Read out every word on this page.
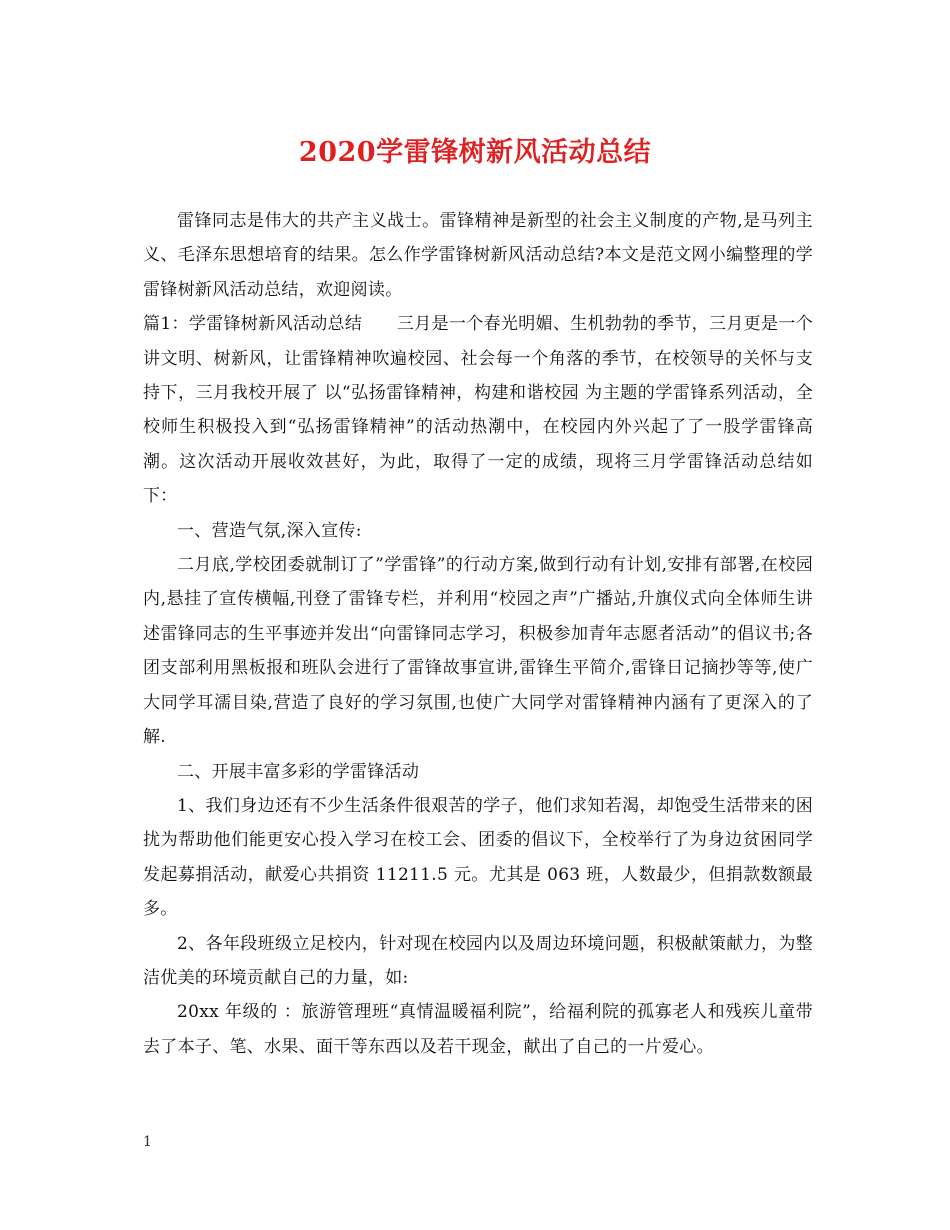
2020学雷锋树新风活动总结

雷锋同志是伟大的共产主义战士。雷锋精神是新型的社会主义制度的产物,是马列主义、毛泽东思想培育的结果。怎么作学雷锋树新风活动总结?本文是范文网小编整理的学雷锋树新风活动总结，欢迎阅读。

篇1：学雷锋树新风活动总结　　三月是一个春光明媚、生机勃勃的季节，三月更是一个讲文明、树新风，让雷锋精神吹遍校园、社会每一个角落的季节，在校领导的关怀与支持下，三月我校开展了 以“弘扬雷锋精神，构建和谐校园 为主题的学雷锋系列活动，全校师生积极投入到“弘扬雷锋精神”的活动热潮中，在校园内外兴起了了一股学雷锋高潮。这次活动开展收效甚好，为此，取得了一定的成绩，现将三月学雷锋活动总结如下：

一、营造气氛,深入宣传:

二月底,学校团委就制订了”学雷锋”的行动方案,做到行动有计划,安排有部署,在校园内,悬挂了宣传横幅,刊登了雷锋专栏，并利用“校园之声”广播站,升旗仪式向全体师生讲述雷锋同志的生平事迹并发出“向雷锋同志学习，积极参加青年志愿者活动”的倡议书;各团支部利用黑板报和班队会进行了雷锋故事宣讲,雷锋生平简介,雷锋日记摘抄等等,使广大同学耳濡目染,营造了良好的学习氛围,也使广大同学对雷锋精神内涵有了更深入的了解.

二、开展丰富多彩的学雷锋活动

1、我们身边还有不少生活条件很艰苦的学子，他们求知若渴，却饱受生活带来的困扰为帮助他们能更安心投入学习在校工会、团委的倡议下，全校举行了为身边贫困同学发起募捐活动，献爱心共捐资 11211.5 元。尤其是 063 班，人数最少，但捐款数额最多。

2、各年段班级立足校内，针对现在校园内以及周边环境问题，积极献策献力，为整洁优美的环境贡献自己的力量，如:

20xx 年级的 ：旅游管理班“真情温暖福利院”，给福利院的孤寡老人和残疾儿童带去了本子、笔、水果、面干等东西以及若干现金，献出了自己的一片爱心。

1
